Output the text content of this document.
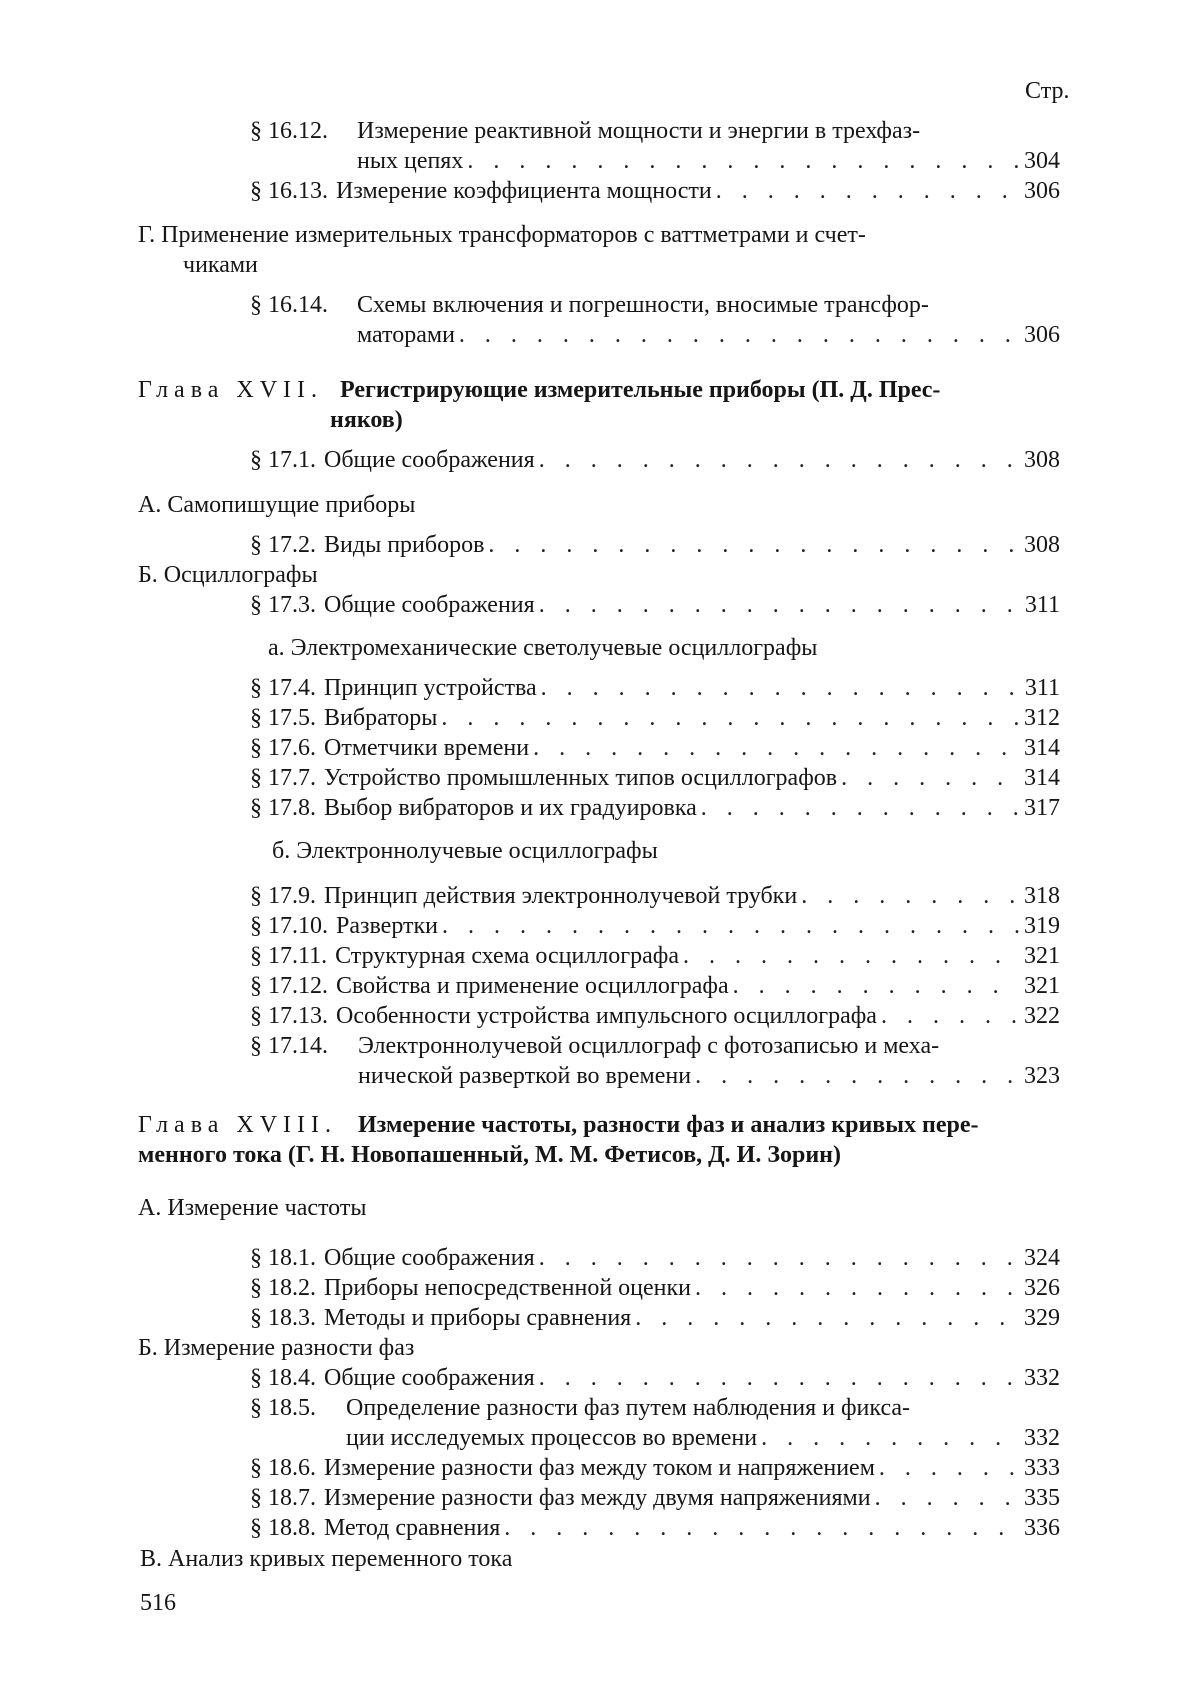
Стр.
§ 16.12. Измерение реактивной мощности и энергии в трехфаз-
ных цепях . . .	304
§ 16.13. Измерение коэффициента мощности . . .	306
Г. Применение измерительных трансформаторов с ваттметрами и счет-
чиками
§ 16.14. Схемы включения и погрешности, вносимые трансфор-
маторами . . .	306
Глава XVII. Регистрирующие измерительные приборы (П. Д. Прес-
няков)
§ 17.1. Общие соображения . . .	308
А. Самопишущие приборы
§ 17.2. Виды приборов . . .	308
Б. Осциллографы
§ 17.3. Общие соображения . . .	311
а. Электромеханические светолучевые осциллографы
§ 17.4. Принцип устройства . . .	311
§ 17.5. Вибраторы . . .	312
§ 17.6. Отметчики времени . . .	314
§ 17.7. Устройство промышленных типов осциллографов . . .	314
§ 17.8. Выбор вибраторов и их градуировка . . .	317
б. Электроннолучевые осциллографы
§ 17.9. Принцип действия электроннолучевой трубки . . .	318
§ 17.10. Развертки . . .	319
§ 17.11. Структурная схема осциллографа . . .	321
§ 17.12. Свойства и применение осциллографа . . .	321
§ 17.13. Особенности устройства импульсного осциллографа . . .	322
§ 17.14. Электроннолучевой осциллограф с фотозаписью и меха-
нической разверткой во времени . . .	323
Глава XVIII. Измерение частоты, разности фаз и анализ кривых пере-
менного тока (Г. Н. Новопашенный, М. М. Фетисов, Д. И. Зорин)
А. Измерение частоты
§ 18.1. Общие соображения . . .	324
§ 18.2. Приборы непосредственной оценки . . .	326
§ 18.3. Методы и приборы сравнения . . .	329
Б. Измерение разности фаз
§ 18.4. Общие соображения . . .	332
§ 18.5. Определение разности фаз путем наблюдения и фикса-
ции исследуемых процессов во времени . . .	332
§ 18.6. Измерение разности фаз между током и напряжением . . .	333
§ 18.7. Измерение разности фаз между двумя напряжениями . . .	335
§ 18.8. Метод сравнения . . .	336
В. Анализ кривых переменного тока
516
